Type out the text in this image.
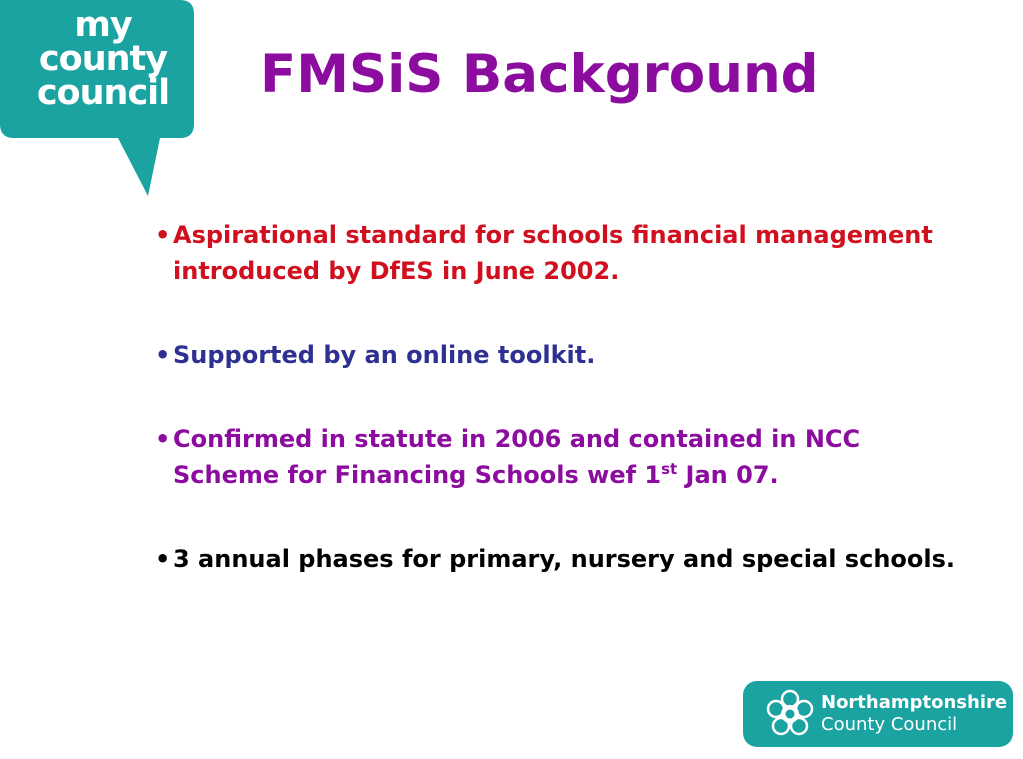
my
county
council FMSiS Background
• Aspirational standard for schools financial management introduced by DfES in June 2002.
• Supported by an online toolkit.
• Confirmed in statute in 2006 and contained in NCC Scheme for Financing Schools wef 1st Jan 07.
• 3 annual phases for primary, nursery and special schools.
Northamptonshire
County Council
